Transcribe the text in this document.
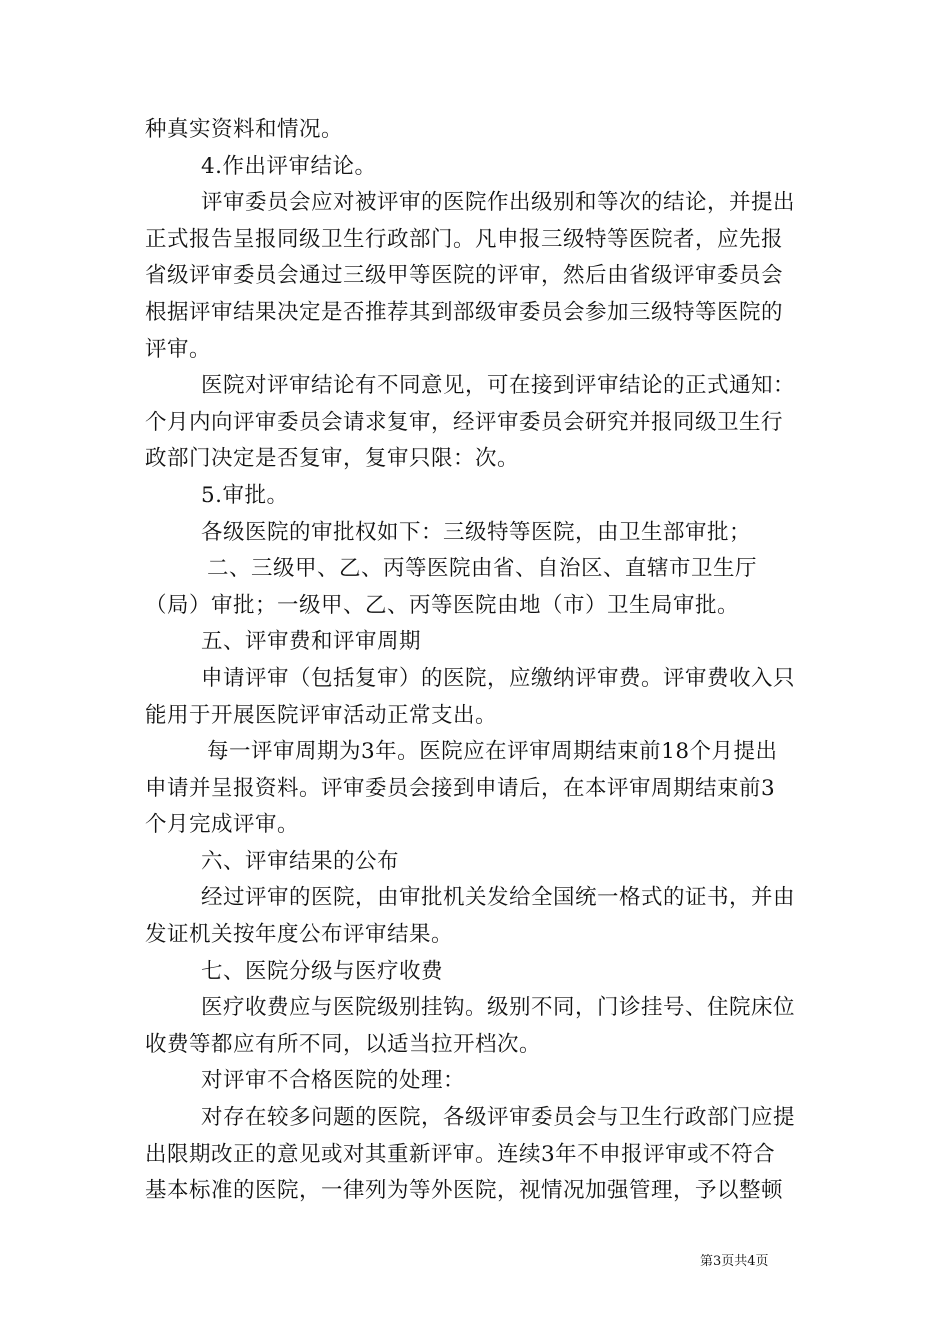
种真实资料和情况。
4.作出评审结论。
评审委员会应对被评审的医院作出级别和等次的结论，并提出
正式报告呈报同级卫生行政部门。凡申报三级特等医院者，应先报
省级评审委员会通过三级甲等医院的评审，然后由省级评审委员会
根据评审结果决定是否推荐其到部级审委员会参加三级特等医院的
评审。
医院对评审结论有不同意见，可在接到评审结论的正式通知：
个月内向评审委员会请求复审，经评审委员会研究并报同级卫生行
政部门决定是否复审，复审只限：次。
5.审批。
各级医院的审批权如下：三级特等医院，由卫生部审批；
二、三级甲、乙、丙等医院由省、自治区、直辖市卫生厅
（局）审批；一级甲、乙、丙等医院由地（市）卫生局审批。
五、评审费和评审周期
申请评审（包括复审）的医院，应缴纳评审费。评审费收入只
能用于开展医院评审活动正常支出。
每一评审周期为3年。医院应在评审周期结束前18个月提出
申请并呈报资料。评审委员会接到申请后，在本评审周期结束前3
个月完成评审。
六、评审结果的公布
经过评审的医院，由审批机关发给全国统一格式的证书，并由
发证机关按年度公布评审结果。
七、医院分级与医疗收费
医疗收费应与医院级别挂钩。级别不同，门诊挂号、住院床位
收费等都应有所不同，以适当拉开档次。
对评审不合格医院的处理：
对存在较多问题的医院，各级评审委员会与卫生行政部门应提
出限期改正的意见或对其重新评审。连续3年不申报评审或不符合
基本标准的医院，一律列为等外医院，视情况加强管理，予以整顿
第3页共4页
